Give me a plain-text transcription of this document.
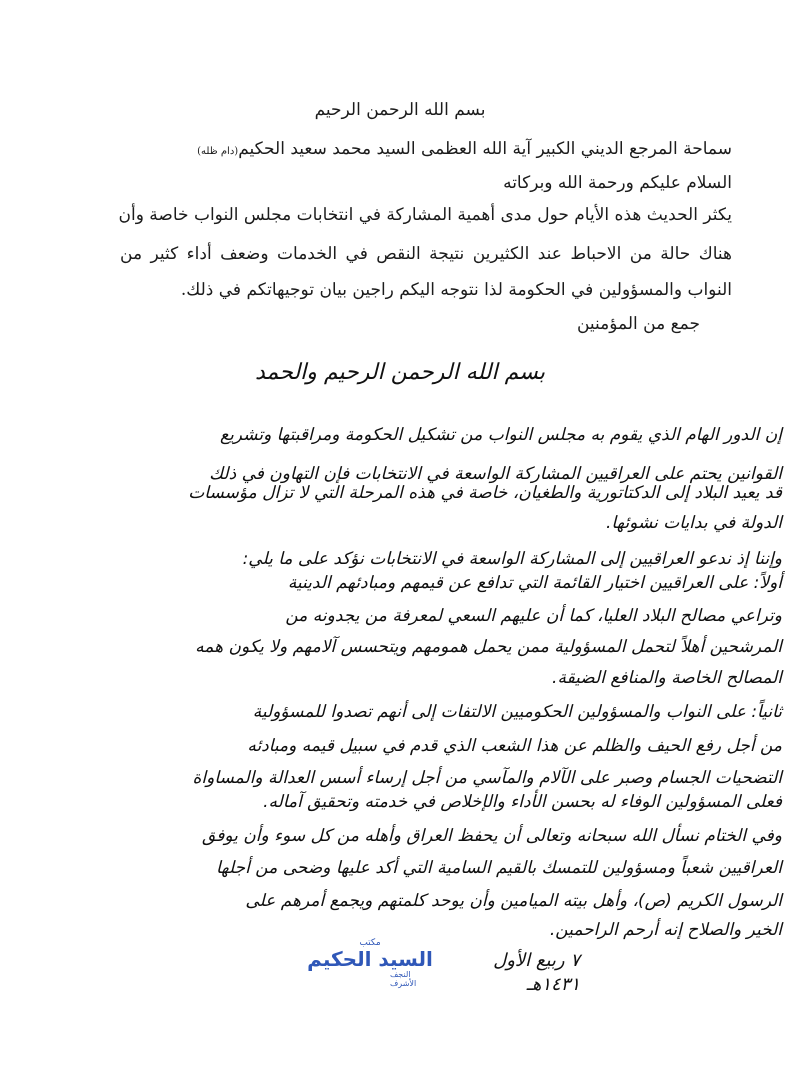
بسم الله الرحمن الرحيم
سماحة المرجع الديني الكبير آية الله العظمى السيد محمد سعيد الحكيم(دام ظله)
السلام عليكم ورحمة الله وبركاته
يكثر الحديث هذه الأيام حول مدى أهمية المشاركة في انتخابات مجلس النواب خاصة وأن
هناك حالة من الاحباط عند الكثيرين نتيجة النقص في الخدمات وضعف أداء كثير من
النواب والمسؤولين في الحكومة لذا نتوجه اليكم راجين بيان توجيهاتكم في ذلك.
جمع من المؤمنين
بسم الله الرحمن الرحيم والحمد
إن الدور الهام الذي يقوم به مجلس النواب من تشكيل الحكومة ومراقبتها وتشريع
القوانين يحتم على العراقيين المشاركة الواسعة في الانتخابات فإن التهاون في ذلك
قد يعيد البلاد إلى الدكتاتورية والطغيان، خاصة في هذه المرحلة التي لا تزال مؤسسات
الدولة في بدايات نشوئها.
وإننا إذ ندعو العراقيين إلى المشاركة الواسعة في الانتخابات نؤكد على ما يلي:
أولاً: على العراقيين اختيار القائمة التي تدافع عن قيمهم ومبادئهم الدينية
وتراعي مصالح البلاد العليا، كما أن عليهم السعي لمعرفة من يجدونه من
المرشحين أهلاً لتحمل المسؤولية ممن يحمل همومهم ويتحسس آلامهم ولا يكون همه
المصالح الخاصة والمنافع الضيقة.
ثانياً: على النواب والمسؤولين الحكوميين الالتفات إلى أنهم تصدوا للمسؤولية
من أجل رفع الحيف والظلم عن هذا الشعب الذي قدم في سبيل قيمه ومبادئه
التضحيات الجسام وصبر على الآلام والمآسي من أجل إرساء أسس العدالة والمساواة
فعلى المسؤولين الوفاء له بحسن الأداء والإخلاص في خدمته وتحقيق آماله.
وفي الختام نسأل الله سبحانه وتعالى أن يحفظ العراق وأهله من كل سوء وأن يوفق
العراقيين شعباً ومسؤولين للتمسك بالقيم السامية التي أكد عليها وضحى من أجلها
الرسول الكريم (ص)، وأهل بيته الميامين وأن يوحد كلمتهم ويجمع أمرهم على
الخير والصلاح إنه أرحم الراحمين.
٧ ربيع الأول
١٤٣١هـ
مكتب
السيد الحكيم
النجف الأشرف
